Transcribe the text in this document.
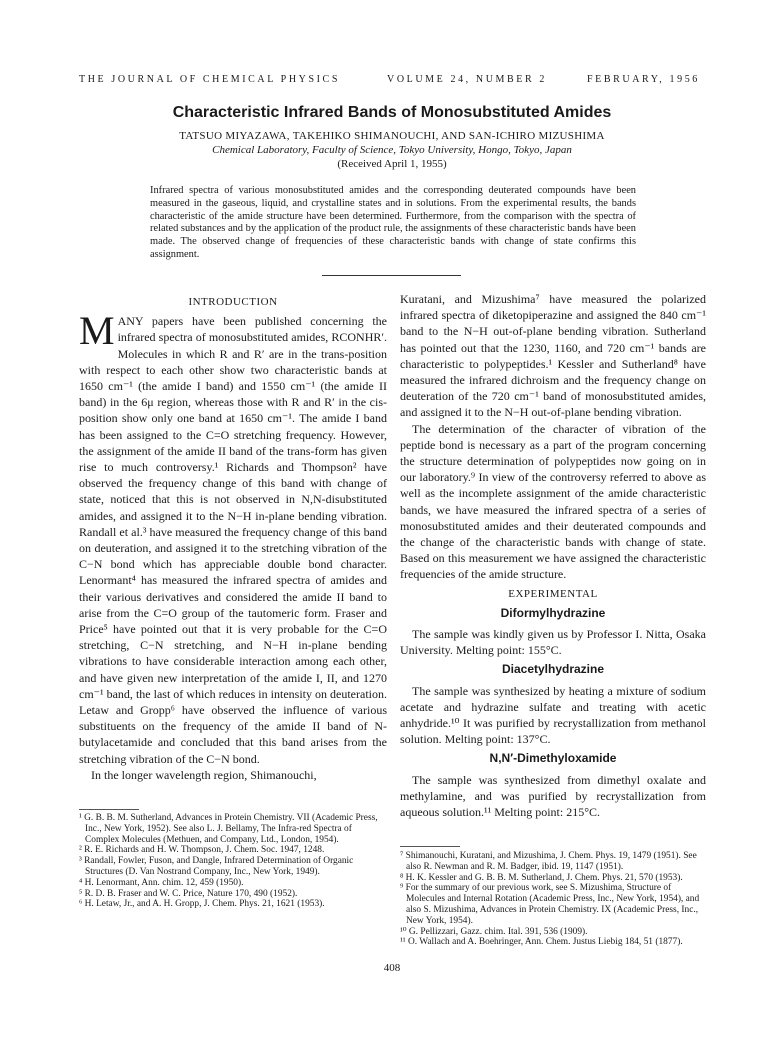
THE JOURNAL OF CHEMICAL PHYSICS	VOLUME 24, NUMBER 2	FEBRUARY, 1956
Characteristic Infrared Bands of Monosubstituted Amides
TATSUO MIYAZAWA, TAKEHIKO SHIMANOUCHI, AND SAN-ICHIRO MIZUSHIMA
Chemical Laboratory, Faculty of Science, Tokyo University, Hongo, Tokyo, Japan
(Received April 1, 1955)
Infrared spectra of various monosubstituted amides and the corresponding deuterated compounds have been measured in the gaseous, liquid, and crystalline states and in solutions. From the experimental results, the bands characteristic of the amide structure have been determined. Furthermore, from the comparison with the spectra of related substances and by the application of the product rule, the assignments of these characteristic bands have been made. The observed change of frequencies of these characteristic bands with change of state confirms this assignment.
INTRODUCTION

MANY papers have been published concerning the infrared spectra of monosubstituted amides, RCONHR′. Molecules in which R and R′ are in the trans-position with respect to each other show two characteristic bands at 1650 cm⁻¹ (the amide I band) and 1550 cm⁻¹ (the amide II band) in the 6μ region, whereas those with R and R′ in the cis-position show only one band at 1650 cm⁻¹. The amide I band has been assigned to the C=O stretching frequency. However, the assignment of the amide II band of the trans-form has given rise to much controversy.¹ Richards and Thompson² have observed the frequency change of this band with change of state, noticed that this is not observed in N,N-disubstituted amides, and assigned it to the N−H in-plane bending vibration. Randall et al.³ have measured the frequency change of this band on deuteration, and assigned it to the stretching vibration of the C−N bond which has appreciable double bond character. Lenormant⁴ has measured the infrared spectra of amides and their various derivatives and considered the amide II band to arise from the C=O group of the tautomeric form. Fraser and Price⁵ have pointed out that it is very probable for the C=O stretching, C−N stretching, and N−H in-plane bending vibrations to have considerable interaction among each other, and have given new interpretation of the amide I, II, and 1270 cm⁻¹ band, the last of which reduces in intensity on deuteration. Letaw and Gropp⁶ have observed the influence of various substituents on the frequency of the amide II band of N-butylacetamide and concluded that this band arises from the stretching vibration of the C−N bond.

In the longer wavelength region, Shimanouchi,

Kuratani, and Mizushima⁷ have measured the polarized infrared spectra of diketopiperazine and assigned the 840 cm⁻¹ band to the N−H out-of-plane bending vibration. Sutherland has pointed out that the 1230, 1160, and 720 cm⁻¹ bands are characteristic to polypeptides.¹ Kessler and Sutherland⁸ have measured the infrared dichroism and the frequency change on deuteration of the 720 cm⁻¹ band of monosubstituted amides, and assigned it to the N−H out-of-plane bending vibration.

The determination of the character of vibration of the peptide bond is necessary as a part of the program concerning the structure determination of polypeptides now going on in our laboratory.⁹ In view of the controversy referred to above as well as the incomplete assignment of the amide characteristic bands, we have measured the infrared spectra of a series of monosubstituted amides and their deuterated compounds and the change of the characteristic bands with change of state. Based on this measurement we have assigned the characteristic frequencies of the amide structure.

EXPERIMENTAL
Diformylhydrazine

The sample was kindly given us by Professor I. Nitta, Osaka University. Melting point: 155°C.

Diacetylhydrazine

The sample was synthesized by heating a mixture of sodium acetate and hydrazine sulfate and treating with acetic anhydride.¹⁰ It was purified by recrystallization from methanol solution. Melting point: 137°C.

N,N′-Dimethyloxamide

The sample was synthesized from dimethyl oxalate and methylamine, and was purified by recrystallization from aqueous solution.¹¹ Melting point: 215°C.

¹ G. B. B. M. Sutherland, Advances in Protein Chemistry. VII (Academic Press, Inc., New York, 1952). See also L. J. Bellamy, The Infra-red Spectra of Complex Molecules (Methuen, and Company, Ltd., London, 1954).
² R. E. Richards and H. W. Thompson, J. Chem. Soc. 1947, 1248.
³ Randall, Fowler, Fuson, and Dangle, Infrared Determination of Organic Structures (D. Van Nostrand Company, Inc., New York, 1949).
⁴ H. Lenormant, Ann. chim. 12, 459 (1950).
⁵ R. D. B. Fraser and W. C. Price, Nature 170, 490 (1952).
⁶ H. Letaw, Jr., and A. H. Gropp, J. Chem. Phys. 21, 1621 (1953).
⁷ Shimanouchi, Kuratani, and Mizushima, J. Chem. Phys. 19, 1479 (1951). See also R. Newman and R. M. Badger, ibid. 19, 1147 (1951).
⁸ H. K. Kessler and G. B. B. M. Sutherland, J. Chem. Phys. 21, 570 (1953).
⁹ For the summary of our previous work, see S. Mizushima, Structure of Molecules and Internal Rotation (Academic Press, Inc., New York, 1954), and also S. Mizushima, Advances in Protein Chemistry. IX (Academic Press, Inc., New York, 1954).
¹⁰ G. Pellizzari, Gazz. chim. Ital. 391, 536 (1909).
¹¹ O. Wallach and A. Boehringer, Ann. Chem. Justus Liebig 184, 51 (1877).
408
